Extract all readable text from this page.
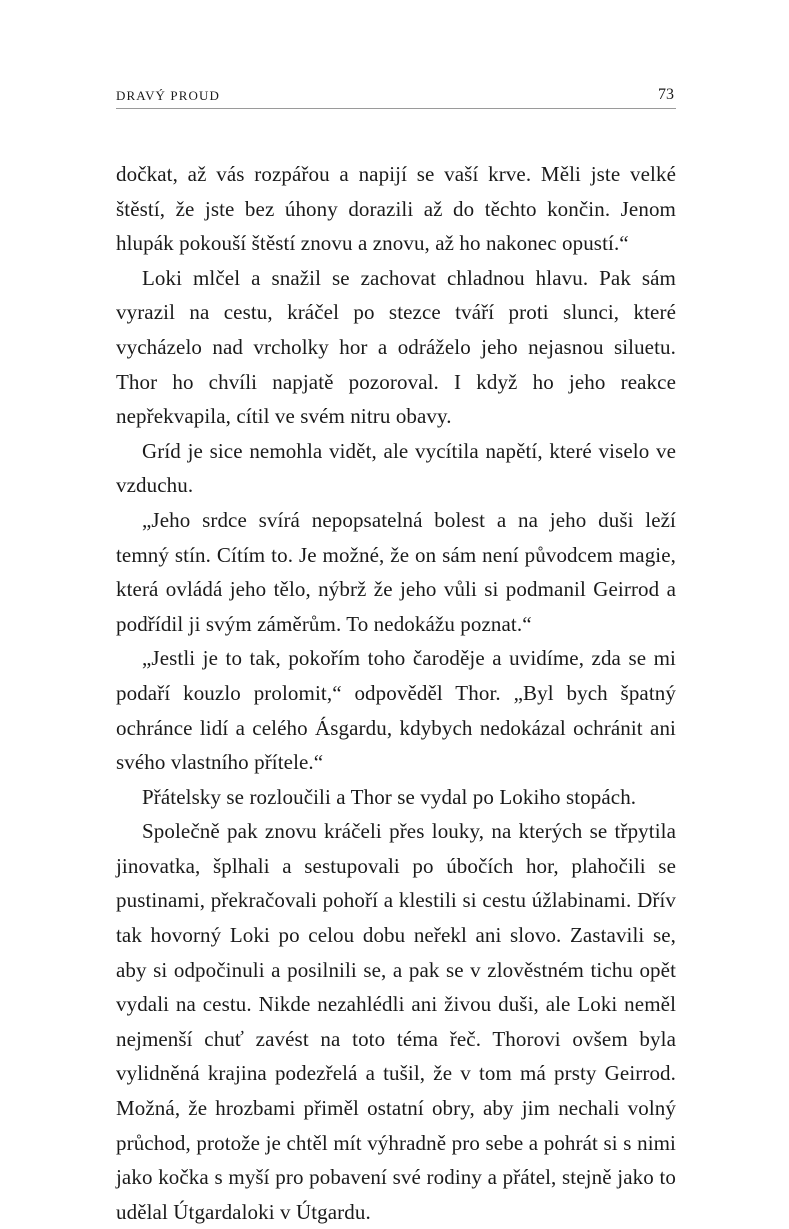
DRAVÝ PROUD	73

dočkat, až vás rozpářou a napijí se vaší krve. Měli jste velké štěstí, že jste bez úhony dorazili až do těchto končin. Jenom hlupák pokouší štěstí znovu a znovu, až ho nakonec opustí.“

Loki mlčel a snažil se zachovat chladnou hlavu. Pak sám vyrazil na cestu, kráčel po stezce tváří proti slunci, které vycházelo nad vrcholky hor a odráželo jeho nejasnou siluetu. Thor ho chvíli napjatě pozoroval. I když ho jeho reakce nepřekvapila, cítil ve svém nitru obavy.

Gríd je sice nemohla vidět, ale vycítila napětí, které viselo ve vzduchu.

„Jeho srdce svírá nepopsatelná bolest a na jeho duši leží temný stín. Cítím to. Je možné, že on sám není původcem magie, která ovládá jeho tělo, nýbrž že jeho vůli si podmanil Geirrod a podřídil ji svým záměrům. To nedokážu poznat.“

„Jestli je to tak, pokořím toho čaroděje a uvidíme, zda se mi podaří kouzlo prolomit,“ odpověděl Thor. „Byl bych špatný ochránce lidí a celého Ásgardu, kdybych nedokázal ochránit ani svého vlastního přítele.“

Přátelsky se rozloučili a Thor se vydal po Lokiho stopách.

Společně pak znovu kráčeli přes louky, na kterých se třpytila jinovatka, šplhali a sestupovali po úbočích hor, plahočili se pustinami, překračovali pohoří a klestili si cestu úžlabinami. Dřív tak hovorný Loki po celou dobu neřekl ani slovo. Zastavili se, aby si odpočinuli a posilnili se, a pak se v zlověstném tichu opět vydali na cestu. Nikde nezahlédli ani živou duši, ale Loki neměl nejmenší chuť zavést na toto téma řeč. Thorovi ovšem byla vylidněná krajina podezřelá a tušil, že v tom má prsty Geirrod. Možná, že hrozbami přiměl ostatní obry, aby jim nechali volný průchod, protože je chtěl mít výhradně pro sebe a pohrát si s nimi jako kočka s myší pro pobavení své rodiny a přátel, stejně jako to udělal Útgardaloki v Útgardu.
